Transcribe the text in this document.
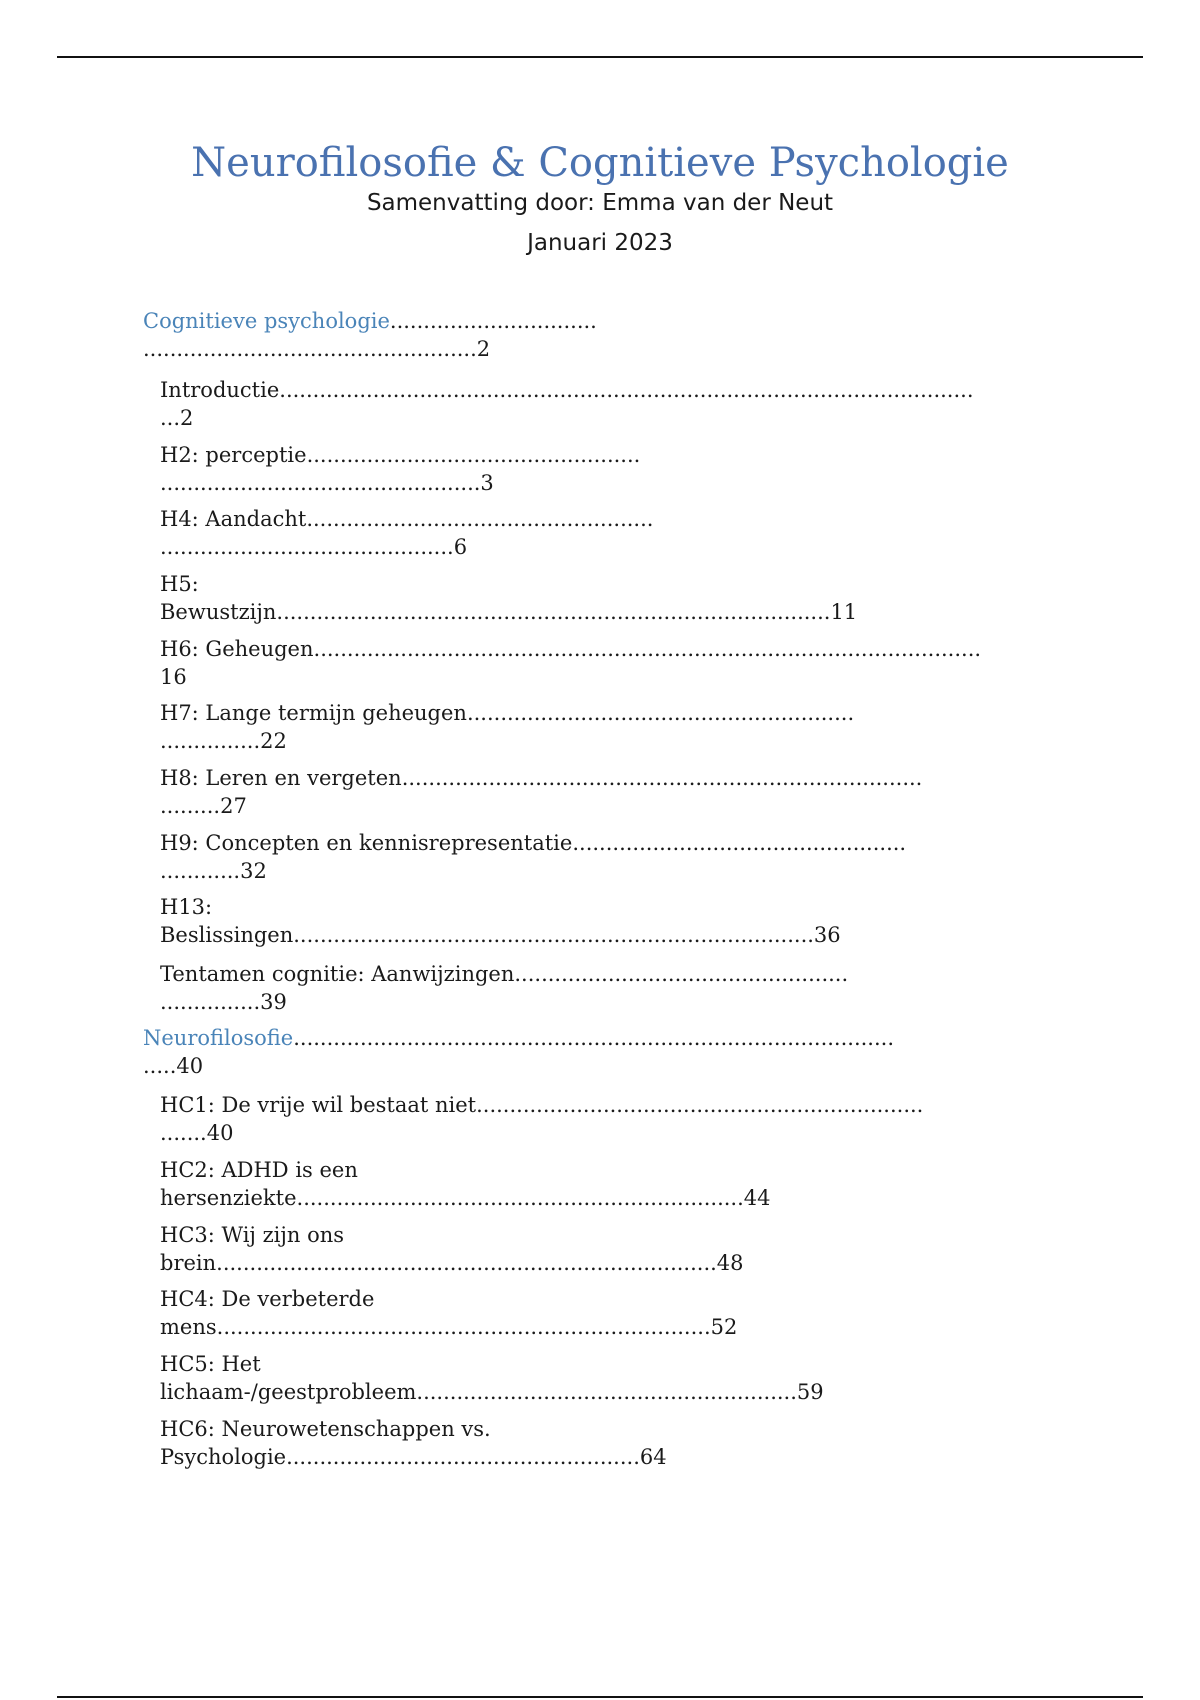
Neurofilosofie & Cognitieve Psychologie
Samenvatting door: Emma van der Neut
Januari 2023
Cognitieve psychologie...............................
..................................................2
Introductie........................................................................................................
...2
H2: perceptie..................................................
................................................3
H4: Aandacht....................................................
............................................6
H5:
Bewustzijn...................................................................................11
H6: Geheugen....................................................................................................
16
H7: Lange termijn geheugen..........................................................
...............22
H8: Leren en vergeten..............................................................................
.........27
H9: Concepten en kennisrepresentatie..................................................
............32
H13:
Beslissingen..............................................................................36
Tentamen cognitie: Aanwijzingen..................................................
...............39
Neurofilosofie..........................................................................................
.....40
HC1: De vrije wil bestaat niet...................................................................
.......40
HC2: ADHD is een
hersenziekte...................................................................44
HC3: Wij zijn ons
brein...........................................................................48
HC4: De verbeterde
mens..........................................................................52
HC5: Het
lichaam-/geestprobleem.........................................................59
HC6: Neurowetenschappen vs.
Psychologie.....................................................64
